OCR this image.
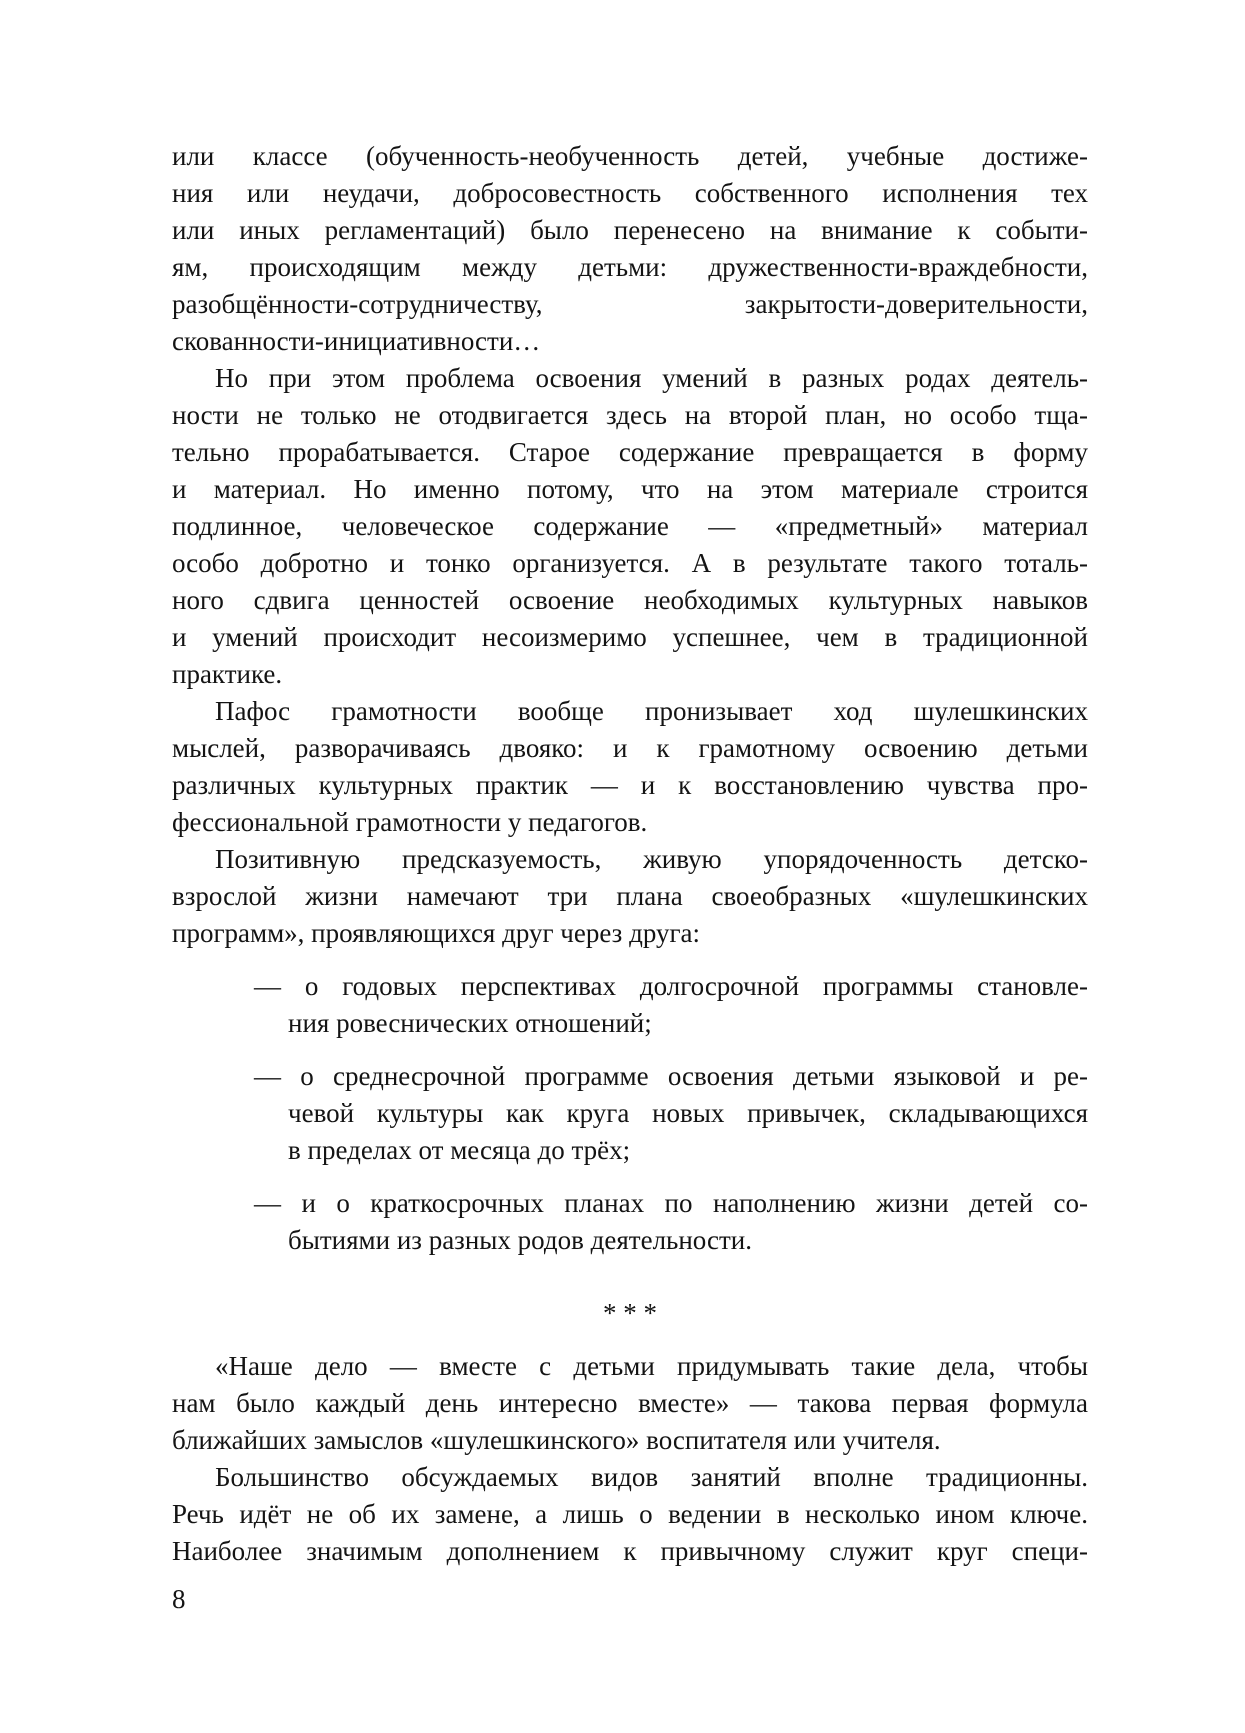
или классе (обученность-необученность детей, учебные достиже-
ния или неудачи, добросовестность собственного исполнения тех
или иных регламентаций) было перенесено на внимание к событи-
ям, происходящим между детьми: дружественности-враждебности,
разобщённости-сотрудничеству, закрытости-доверительности,
скованности-инициативности…
Но при этом проблема освоения умений в разных родах деятель-
ности не только не отодвигается здесь на второй план, но особо тща-
тельно прорабатывается. Старое содержание превращается в форму
и материал. Но именно потому, что на этом материале строится
подлинное, человеческое содержание — «предметный» материал
особо добротно и тонко организуется. А в результате такого тоталь-
ного сдвига ценностей освоение необходимых культурных навыков
и умений происходит несоизмеримо успешнее, чем в традиционной
практике.
Пафос грамотности вообще пронизывает ход шулешкинских
мыслей, разворачиваясь двояко: и к грамотному освоению детьми
различных культурных практик — и к восстановлению чувства про-
фессиональной грамотности у педагогов.
Позитивную предсказуемость, живую упорядоченность детско-
взрослой жизни намечают три плана своеобразных «шулешкинских
программ», проявляющихся друг через друга:
— о годовых перспективах долгосрочной программы становле-
ния ровеснических отношений;
— о среднесрочной программе освоения детьми языковой и ре-
чевой культуры как круга новых привычек, складывающихся
в пределах от месяца до трёх;
— и о краткосрочных планах по наполнению жизни детей со-
бытиями из разных родов деятельности.
* * *
«Наше дело — вместе с детьми придумывать такие дела, чтобы
нам было каждый день интересно вместе» — такова первая формула
ближайших замыслов «шулешкинского» воспитателя или учителя.
Большинство обсуждаемых видов занятий вполне традиционны.
Речь идёт не об их замене, а лишь о ведении в несколько ином ключе.
Наиболее значимым дополнением к привычному служит круг специ-
8
